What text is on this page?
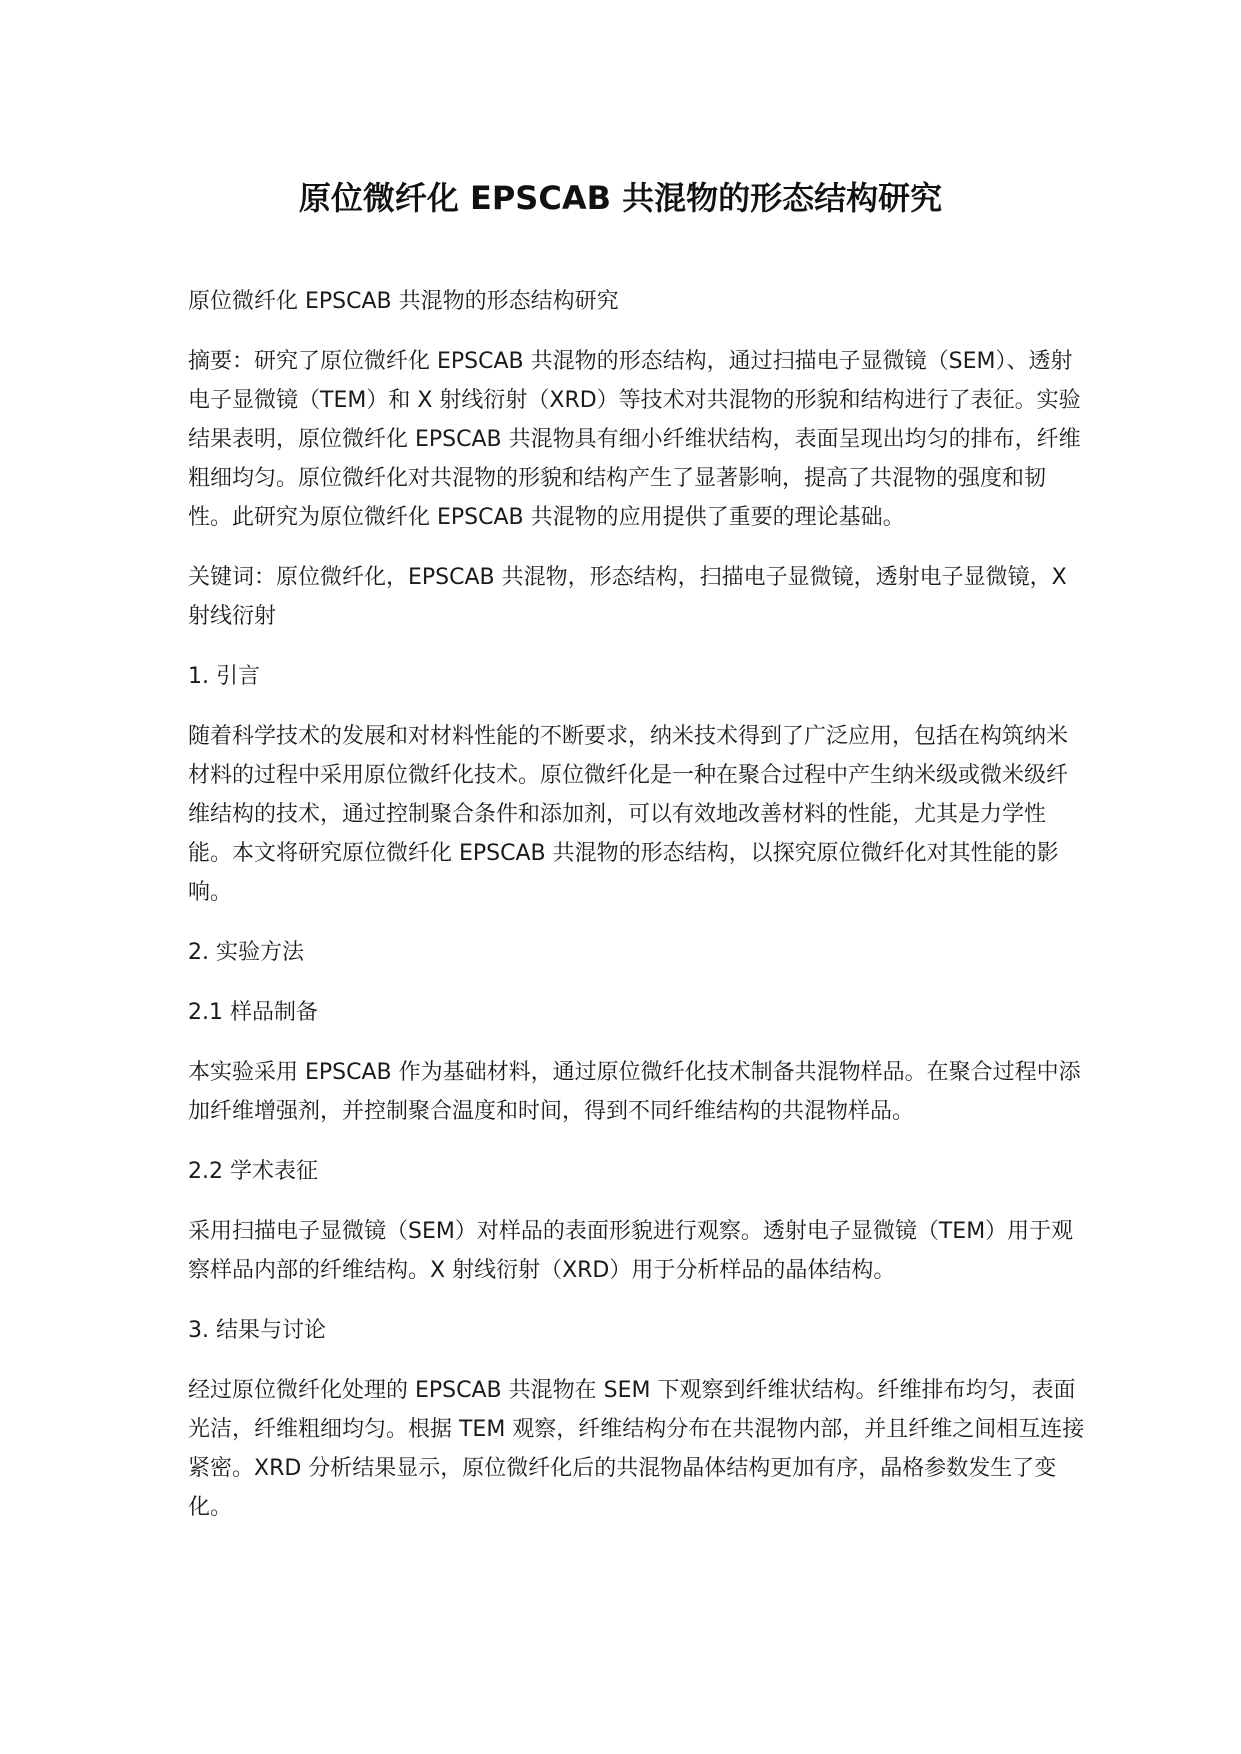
原位微纤化 EPSCAB 共混物的形态结构研究

原位微纤化 EPSCAB 共混物的形态结构研究

摘要：研究了原位微纤化 EPSCAB 共混物的形态结构，通过扫描电子显微镜（SEM）、透射电子显微镜（TEM）和 X 射线衍射（XRD）等技术对共混物的形貌和结构进行了表征。实验结果表明，原位微纤化 EPSCAB 共混物具有细小纤维状结构，表面呈现出均匀的排布，纤维粗细均匀。原位微纤化对共混物的形貌和结构产生了显著影响，提高了共混物的强度和韧性。此研究为原位微纤化 EPSCAB 共混物的应用提供了重要的理论基础。

关键词：原位微纤化，EPSCAB 共混物，形态结构，扫描电子显微镜，透射电子显微镜，X 射线衍射

1. 引言

随着科学技术的发展和对材料性能的不断要求，纳米技术得到了广泛应用，包括在构筑纳米材料的过程中采用原位微纤化技术。原位微纤化是一种在聚合过程中产生纳米级或微米级纤维结构的技术，通过控制聚合条件和添加剂，可以有效地改善材料的性能，尤其是力学性能。本文将研究原位微纤化 EPSCAB 共混物的形态结构，以探究原位微纤化对其性能的影响。

2. 实验方法

2.1 样品制备

本实验采用 EPSCAB 作为基础材料，通过原位微纤化技术制备共混物样品。在聚合过程中添加纤维增强剂，并控制聚合温度和时间，得到不同纤维结构的共混物样品。

2.2 学术表征

采用扫描电子显微镜（SEM）对样品的表面形貌进行观察。透射电子显微镜（TEM）用于观察样品内部的纤维结构。X 射线衍射（XRD）用于分析样品的晶体结构。

3. 结果与讨论

经过原位微纤化处理的 EPSCAB 共混物在 SEM 下观察到纤维状结构。纤维排布均匀，表面光洁，纤维粗细均匀。根据 TEM 观察，纤维结构分布在共混物内部，并且纤维之间相互连接紧密。XRD 分析结果显示，原位微纤化后的共混物晶体结构更加有序，晶格参数发生了变化。
